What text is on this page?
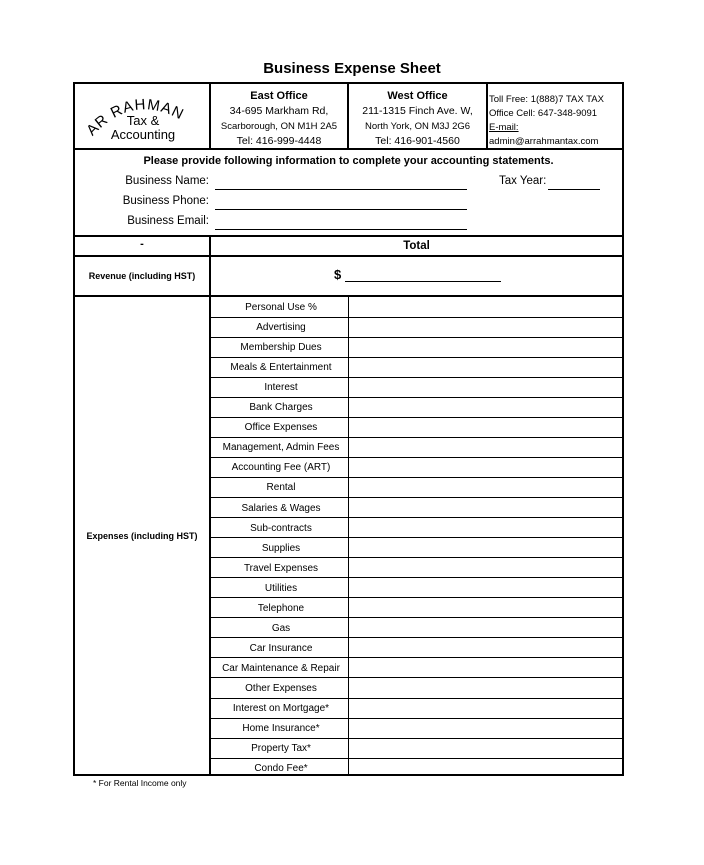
Business Expense Sheet
AR RAHMAN
Tax &
Accounting
East Office
34-695 Markham Rd,
Scarborough, ON M1H 2A5
Tel: 416-999-4448
West Office
211-1315 Finch Ave. W,
North York, ON M3J 2G6
Tel: 416-901-4560
Toll Free: 1(888)7 TAX TAX
Office Cell: 647-348-9091
E-mail:
admin@arrahmantax.com
Please provide following information to complete your accounting statements.
Business Name:
Business Phone:
Business Email:
Tax Year:
-	Total
Revenue (including HST)	$
Expenses (including HST)
Personal Use %
Advertising
Membership Dues
Meals & Entertainment
Interest
Bank Charges
Office Expenses
Management, Admin Fees
Accounting Fee (ART)
Rental
Salaries & Wages
Sub-contracts
Supplies
Travel Expenses
Utilities
Telephone
Gas
Car Insurance
Car Maintenance & Repair
Other Expenses
Interest on Mortgage*
Home Insurance*
Property Tax*
Condo Fee*
* For Rental Income only
